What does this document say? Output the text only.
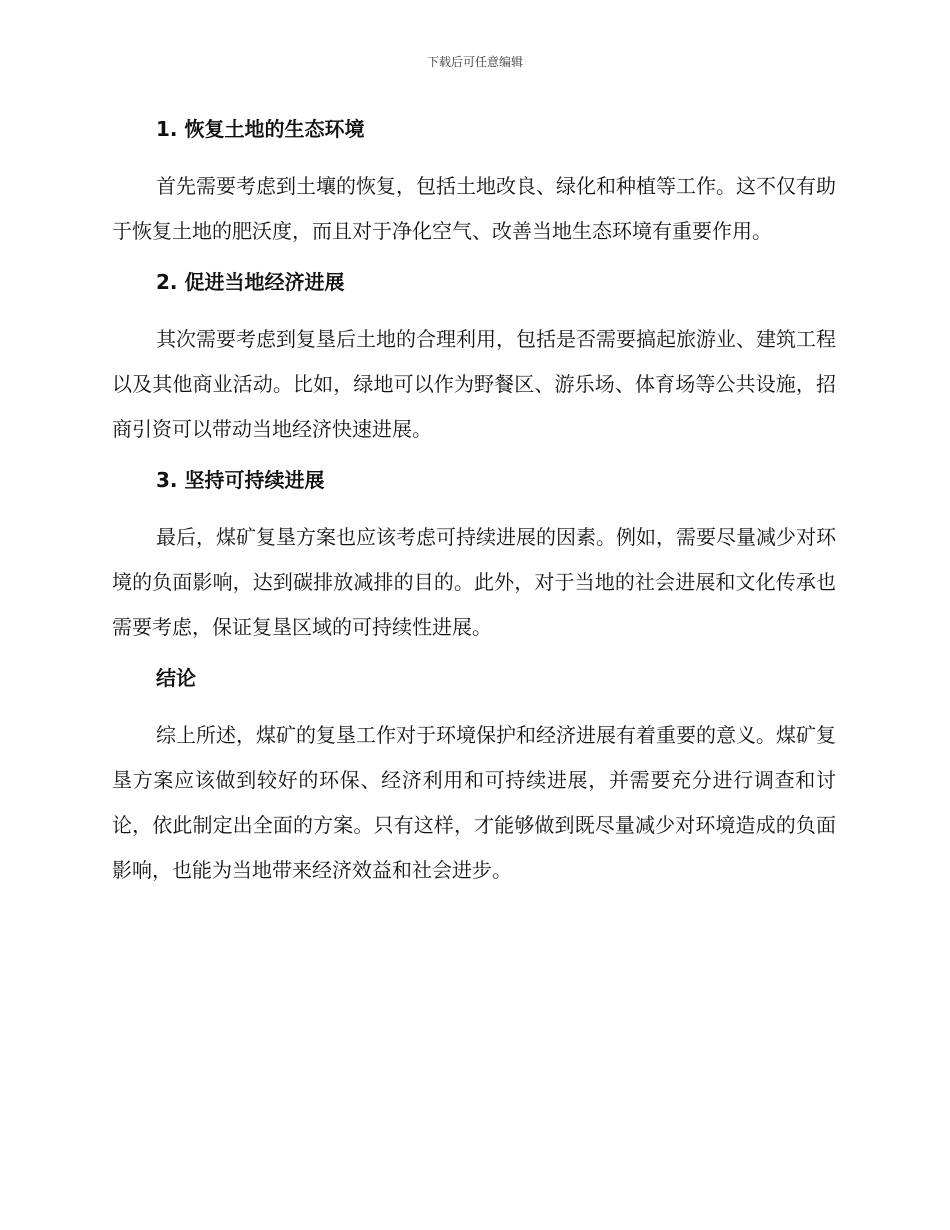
下载后可任意编辑
1. 恢复土地的生态环境

首先需要考虑到土壤的恢复，包括土地改良、绿化和种植等工作。这不仅有助于恢复土地的肥沃度，而且对于净化空气、改善当地生态环境有重要作用。

2. 促进当地经济进展

其次需要考虑到复垦后土地的合理利用，包括是否需要搞起旅游业、建筑工程以及其他商业活动。比如，绿地可以作为野餐区、游乐场、体育场等公共设施，招商引资可以带动当地经济快速进展。

3. 坚持可持续进展

最后，煤矿复垦方案也应该考虑可持续进展的因素。例如，需要尽量减少对环境的负面影响，达到碳排放减排的目的。此外，对于当地的社会进展和文化传承也需要考虑，保证复垦区域的可持续性进展。

结论

综上所述，煤矿的复垦工作对于环境保护和经济进展有着重要的意义。煤矿复垦方案应该做到较好的环保、经济利用和可持续进展，并需要充分进行调查和讨论，依此制定出全面的方案。只有这样，才能够做到既尽量减少对环境造成的负面影响，也能为当地带来经济效益和社会进步。
